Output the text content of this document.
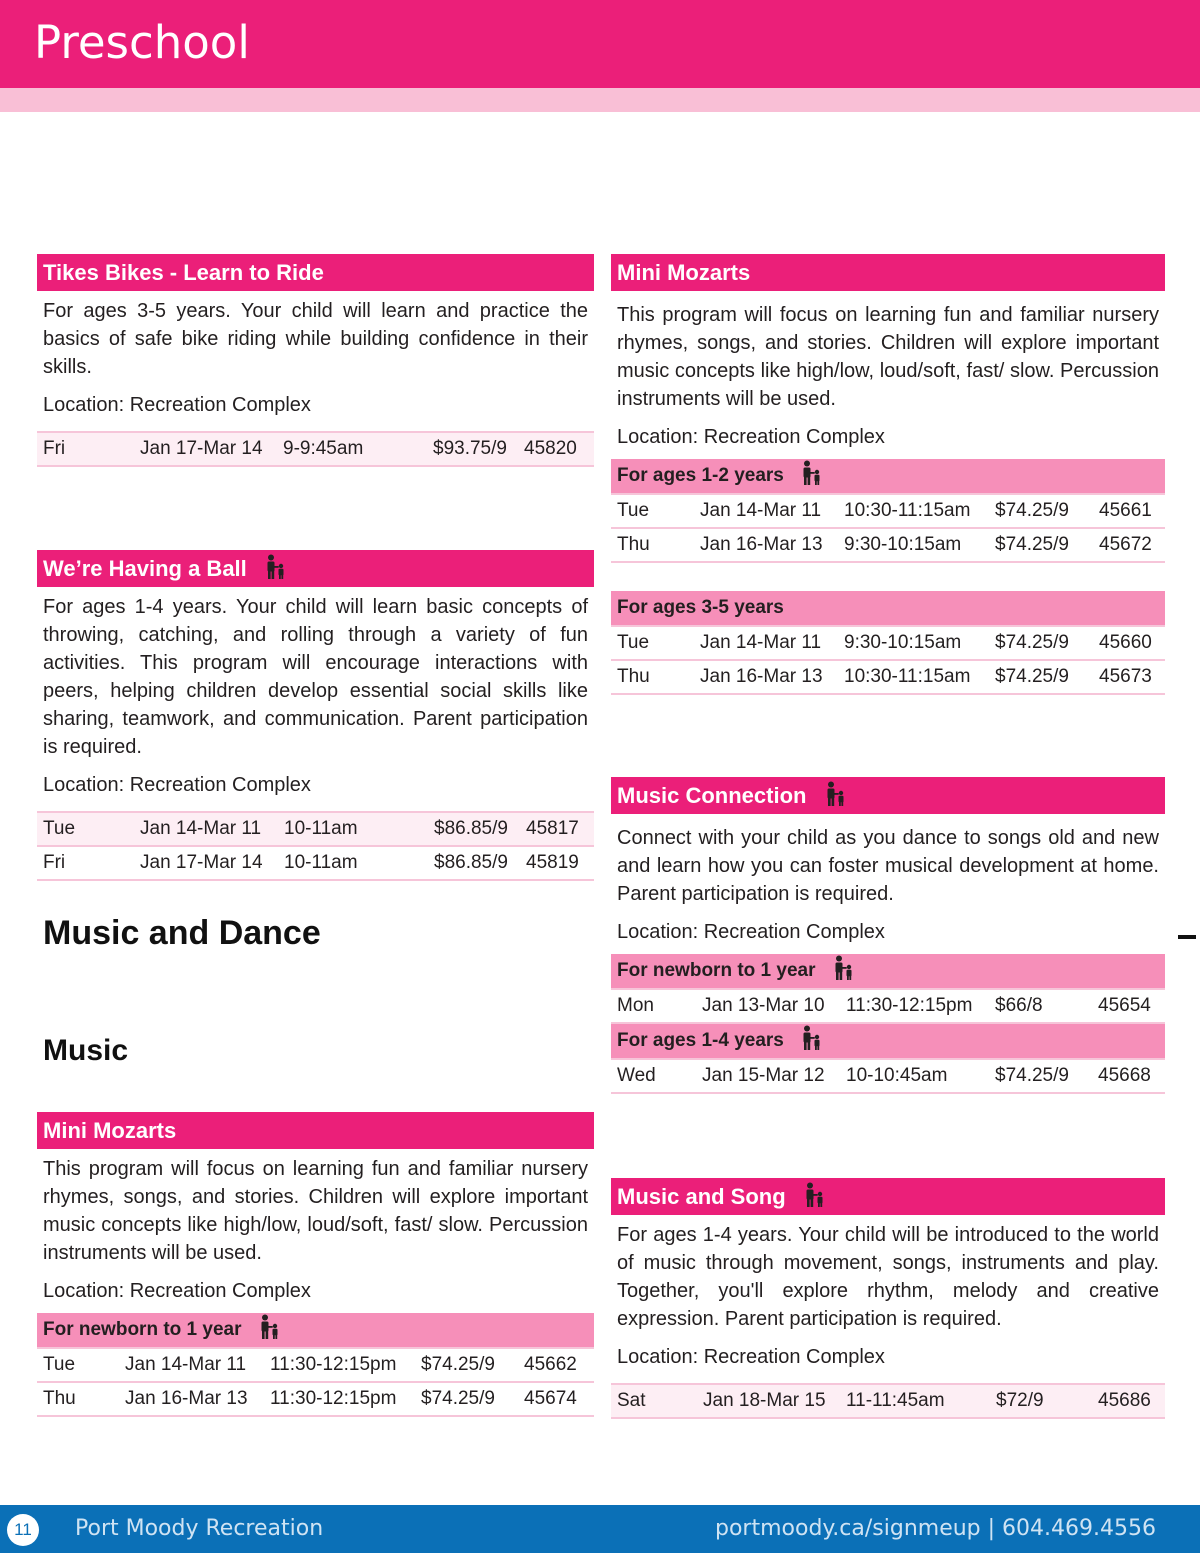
Preschool
Tikes Bikes - Learn to Ride
For ages 3-5 years. Your child will learn and practice the basics of safe bike riding while building confidence in their skills.
Location: Recreation Complex
Fri	Jan 17-Mar 14	9-9:45am	$93.75/9	45820
We’re Having a Ball
For ages 1-4 years. Your child will learn basic concepts of throwing, catching, and rolling through a variety of fun activities. This program will encourage interactions with peers, helping children develop essential social skills like sharing, teamwork, and communication. Parent participation is required.
Location: Recreation Complex
Tue	Jan 14-Mar 11	10-11am	$86.85/9	45817
Fri	Jan 17-Mar 14	10-11am	$86.85/9	45819
Music and Dance
Music
Mini Mozarts
This program will focus on learning fun and familiar nursery rhymes, songs, and stories. Children will explore important music concepts like high/low, loud/soft, fast/ slow. Percussion instruments will be used.
Location: Recreation Complex
For newborn to 1 year
Tue	Jan 14-Mar 11	11:30-12:15pm	$74.25/9	45662
Thu	Jan 16-Mar 13	11:30-12:15pm	$74.25/9	45674
Mini Mozarts
This program will focus on learning fun and familiar nursery rhymes, songs, and stories. Children will explore important music concepts like high/low, loud/soft, fast/ slow. Percussion instruments will be used.
Location: Recreation Complex
For ages 1-2 years
Tue	Jan 14-Mar 11	10:30-11:15am	$74.25/9	45661
Thu	Jan 16-Mar 13	9:30-10:15am	$74.25/9	45672
For ages 3-5 years
Tue	Jan 14-Mar 11	9:30-10:15am	$74.25/9	45660
Thu	Jan 16-Mar 13	10:30-11:15am	$74.25/9	45673
Music Connection
Connect with your child as you dance to songs old and new and learn how you can foster musical development at home. Parent participation is required.
Location: Recreation Complex
For newborn to 1 year
Mon	Jan 13-Mar 10	11:30-12:15pm	$66/8	45654
For ages 1-4 years
Wed	Jan 15-Mar 12	10-10:45am	$74.25/9	45668
Music and Song
For ages 1-4 years. Your child will be introduced to the world of music through movement, songs, instruments and play. Together, you'll explore rhythm, melody and creative expression. Parent participation is required.
Location: Recreation Complex
Sat	Jan 18-Mar 15	11-11:45am	$72/9	45686
11	Port Moody Recreation	portmoody.ca/signmeup | 604.469.4556
